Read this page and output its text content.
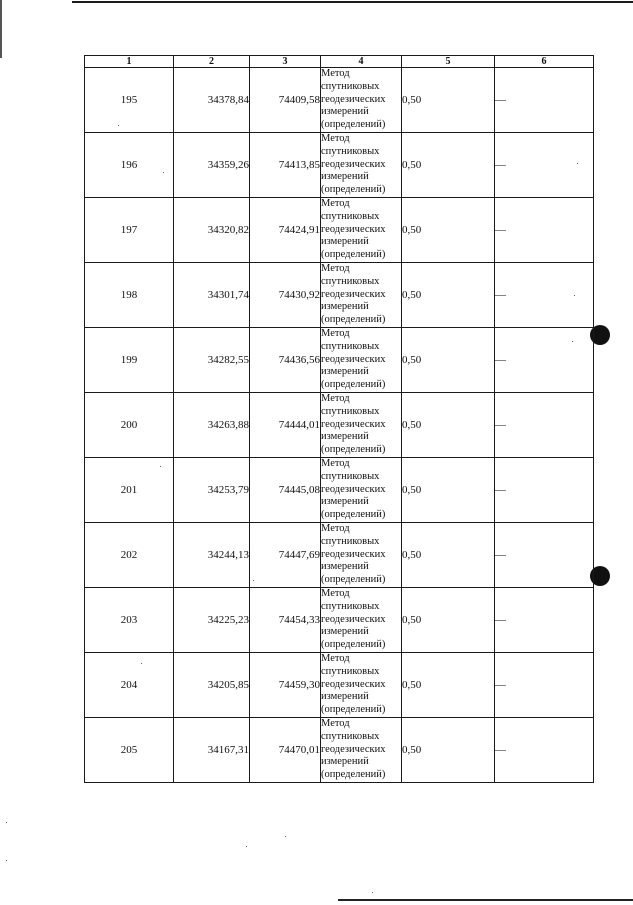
1	2	3	4	5	6
195	34378,84	74409,58	Метод
спутниковых
геодезических
измерений
(определений)	0,50	—
196	34359,26	74413,85	Метод
спутниковых
геодезических
измерений
(определений)	0,50	—
197	34320,82	74424,91	Метод
спутниковых
геодезических
измерений
(определений)	0,50	—
198	34301,74	74430,92	Метод
спутниковых
геодезических
измерений
(определений)	0,50	—
199	34282,55	74436,56	Метод
спутниковых
геодезических
измерений
(определений)	0,50	—
200	34263,88	74444,01	Метод
спутниковых
геодезических
измерений
(определений)	0,50	—
201	34253,79	74445,08	Метод
спутниковых
геодезических
измерений
(определений)	0,50	—
202	34244,13	74447,69	Метод
спутниковых
геодезических
измерений
(определений)	0,50	—
203	34225,23	74454,33	Метод
спутниковых
геодезических
измерений
(определений)	0,50	—
204	34205,85	74459,30	Метод
спутниковых
геодезических
измерений
(определений)	0,50	—
205	34167,31	74470,01	Метод
спутниковых
геодезических
измерений
(определений)	0,50	—
